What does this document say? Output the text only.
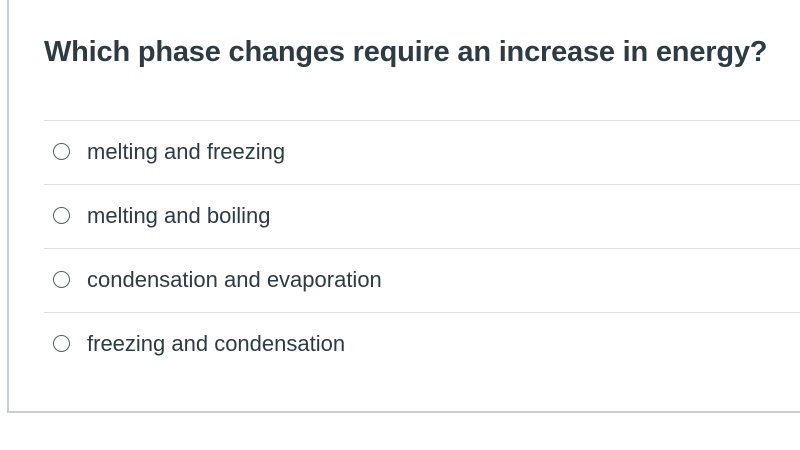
Which phase changes require an increase in energy?
melting and freezing
melting and boiling
condensation and evaporation
freezing and condensation
